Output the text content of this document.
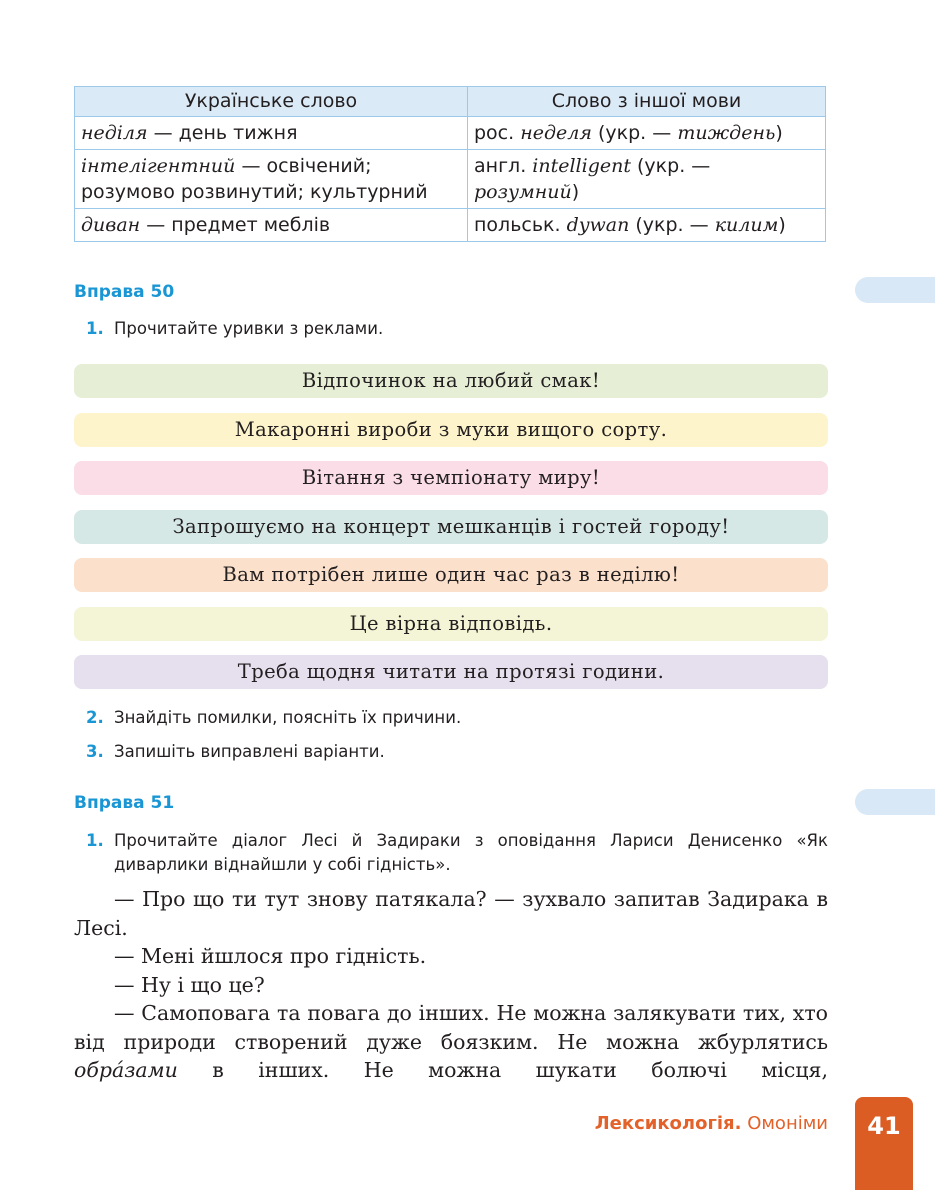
Українське слово	Слово з іншої мови
неділя — день тижня	рос. неделя (укр. — тиждень)
інтелігентний — освічений; розумово розвинутий; культурний	англ. intelligent (укр. — розумний)
диван — предмет меблів	польськ. dywan (укр. — килим)
Вправа 50
1. Прочитайте уривки з реклами.
Відпочинок на любий смак!
Макаронні вироби з муки вищого сорту.
Вітання з чемпіонату миру!
Запрошуємо на концерт мешканців і гостей городу!
Вам потрібен лише один час раз в неділю!
Це вірна відповідь.
Треба щодня читати на протязі години.
2. Знайдіть помилки, поясніть їх причини.
3. Запишіть виправлені варіанти.
Вправа 51
1. Прочитайте діалог Лесі й Задираки з оповідання Лариси Денисенко «Як диварлики віднайшли у собі гідність».

— Про що ти тут знову патякала? — зухвало запитав Задирака в Лесі.

— Мені йшлося про гідність.

— Ну і що це?

— Самоповага та повага до інших. Не можна залякувати тих, хто від природи створений дуже боязким. Не можна жбурлятись обрáзами в інших. Не можна шукати болючі місця,

Лексикологія. Омоніми	41
